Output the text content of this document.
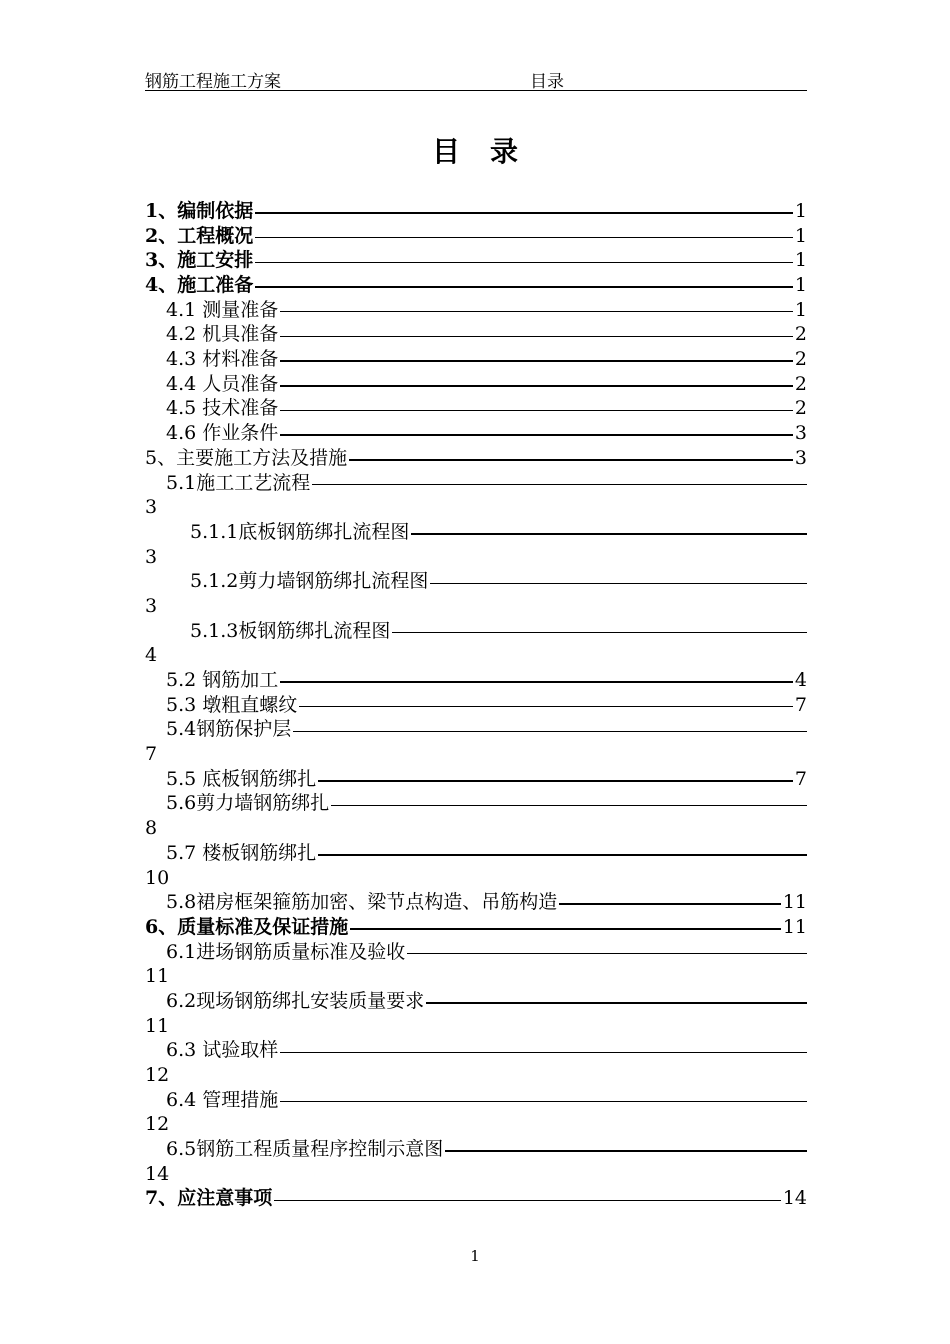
钢筋工程施工方案	目录
目录
1、编制依据	1
2、工程概况	1
3、施工安排	1
4、施工准备	1
4.1 测量准备	1
4.2 机具准备	2
4.3 材料准备	2
4.4 人员准备	2
4.5 技术准备	2
4.6 作业条件	3
5、主要施工方法及措施	3
5.1施工工艺流程
3
5.1.1底板钢筋绑扎流程图
3
5.1.2剪力墙钢筋绑扎流程图
3
5.1.3板钢筋绑扎流程图
4
5.2 钢筋加工	4
5.3 墩粗直螺纹	7
5.4钢筋保护层
7
5.5 底板钢筋绑扎	7
5.6剪力墙钢筋绑扎
8
5.7 楼板钢筋绑扎
10
5.8裙房框架箍筋加密、梁节点构造、吊筋构造	11
6、质量标准及保证措施	11
6.1进场钢筋质量标准及验收
11
6.2现场钢筋绑扎安装质量要求
11
6.3 试验取样
12
6.4 管理措施
12
6.5钢筋工程质量程序控制示意图
14
7、应注意事项	14
1
